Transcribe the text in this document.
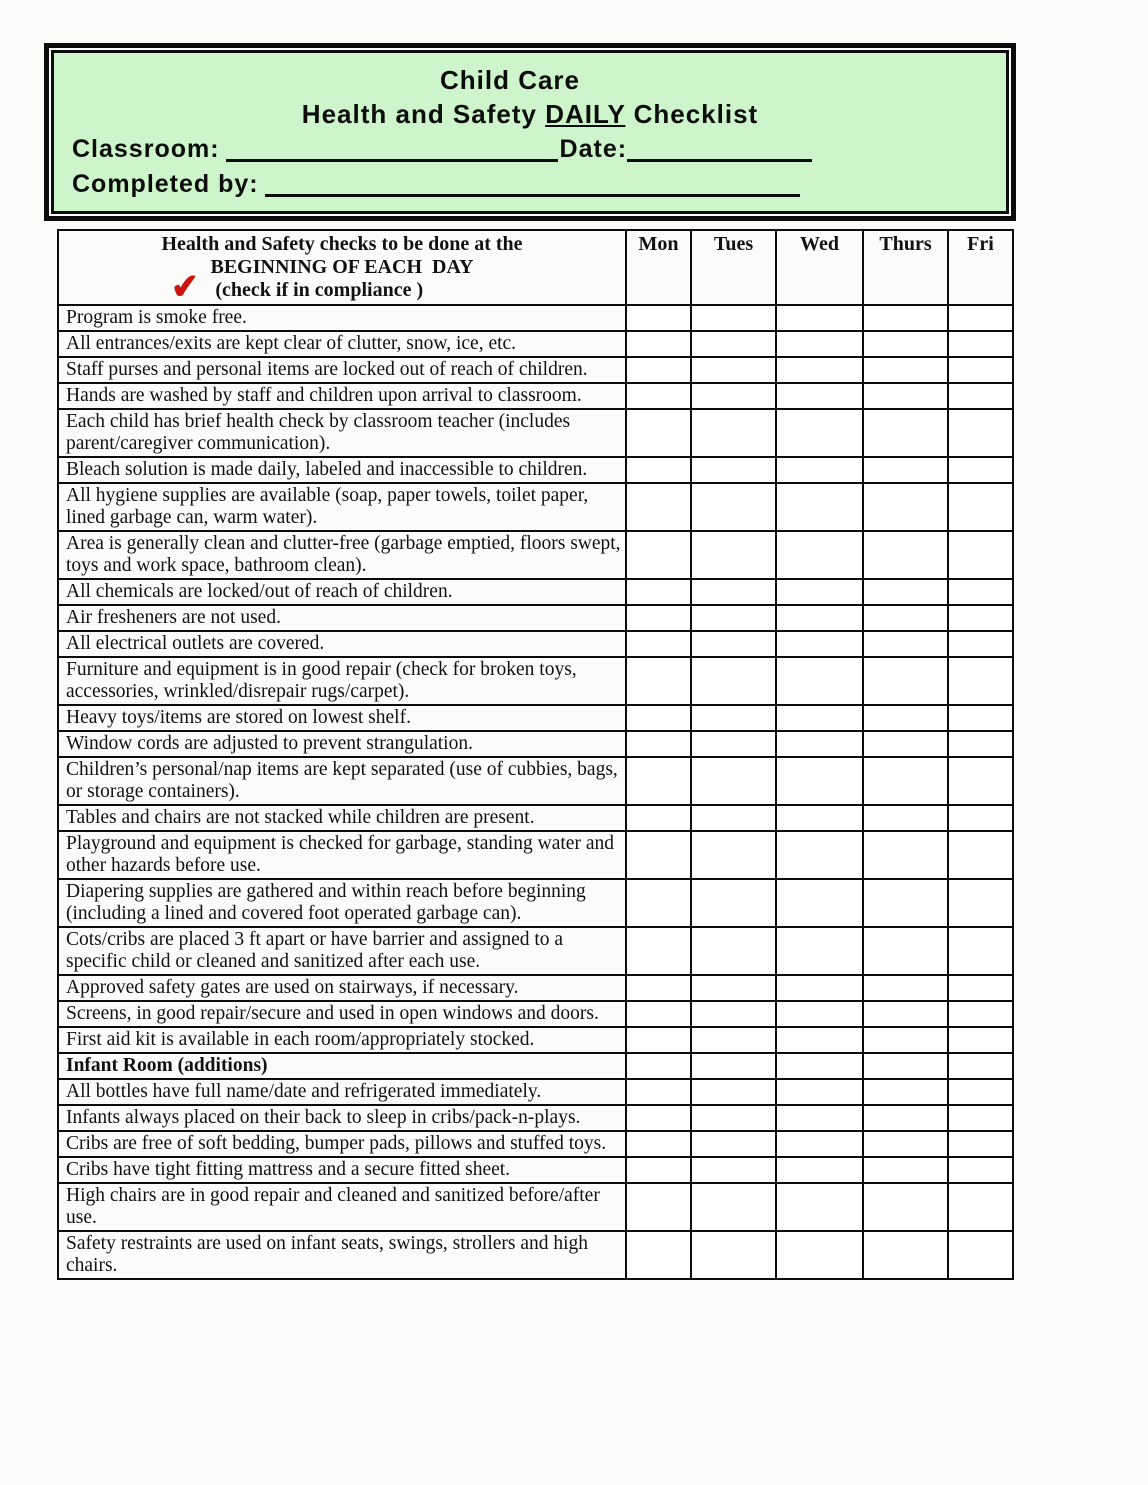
Child Care
Health and Safety DAILY Checklist
Classroom:	Date:
Completed by:
Health and Safety checks to be done at the
BEGINNING OF EACH  DAY
✔ (check if in compliance )	Mon	Tues	Wed	Thurs	Fri
Program is smoke free.					
All entrances/exits are kept clear of clutter, snow, ice, etc.					
Staff purses and personal items are locked out of reach of children.					
Hands are washed by staff and children upon arrival to classroom.					
Each child has brief health check by classroom teacher (includes parent/caregiver communication).					
Bleach solution is made daily, labeled and inaccessible to children.					
All hygiene supplies are available (soap, paper towels, toilet paper, lined garbage can, warm water).					
Area is generally clean and clutter-free (garbage emptied, floors swept, toys and work space, bathroom clean).					
All chemicals are locked/out of reach of children.					
Air fresheners are not used.					
All electrical outlets are covered.					
Furniture and equipment is in good repair (check for broken toys, accessories, wrinkled/disrepair rugs/carpet).					
Heavy toys/items are stored on lowest shelf.					
Window cords are adjusted to prevent strangulation.					
Children’s personal/nap items are kept separated (use of cubbies, bags, or storage containers).					
Tables and chairs are not stacked while children are present.					
Playground and equipment is checked for garbage, standing water and other hazards before use.					
Diapering supplies are gathered and within reach before beginning (including a lined and covered foot operated garbage can).					
Cots/cribs are placed 3 ft apart or have barrier and assigned to a specific child or cleaned and sanitized after each use.					
Approved safety gates are used on stairways, if necessary.					
Screens, in good repair/secure and used in open windows and doors.					
First aid kit is available in each room/appropriately stocked.					
Infant Room (additions)					
All bottles have full name/date and refrigerated immediately.					
Infants always placed on their back to sleep in cribs/pack-n-plays.					
Cribs are free of soft bedding, bumper pads, pillows and stuffed toys.					
Cribs have tight fitting mattress and a secure fitted sheet.					
High chairs are in good repair and cleaned and sanitized before/after use.					
Safety restraints are used on infant seats, swings, strollers and high chairs.					
